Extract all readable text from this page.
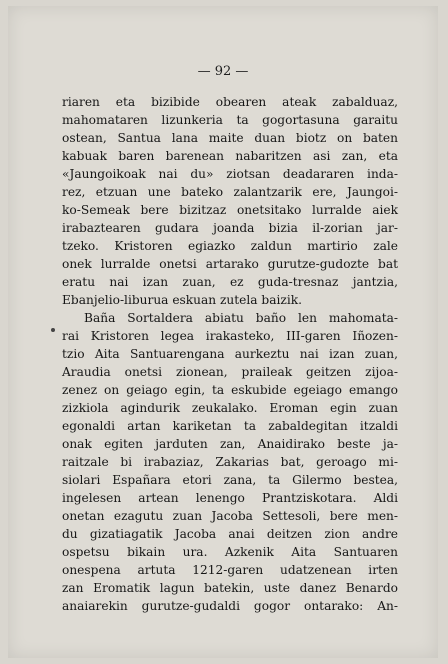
— 92 —
riaren eta bizibide obearen ateak zabalduaz,
mahomataren lizunkeria ta gogortasuna garaitu
ostean, Santua lana maite duan biotz on baten
kabuak baren barenean nabaritzen asi zan, eta
«Jaungoikoak nai du» ziotsan deadararen inda-
rez, etzuan une bateko zalantzarik ere, Jaungoi-
ko-Semeak bere bizitzaz onetsitako lurralde aiek
irabaztearen gudara joanda bizia il-zorian jar-
tzeko. Kristoren egiazko zaldun martirio zale
onek lurralde onetsi artarako gurutze-gudozte bat
eratu nai izan zuan, ez guda-tresnaz jantzia,
Ebanjelio-liburua eskuan zutela baizik.
Baña Sortaldera abiatu baño len mahomata-
rai Kristoren legea irakasteko, III-garen Iñozen-
tzio Aita Santuarengana aurkeztu nai izan zuan,
Araudia onetsi zionean, praileak geitzen zijoa-
zenez on geiago egin, ta eskubide egeiago emango
zizkiola agindurik zeukalako. Eroman egin zuan
egonaldi artan kariketan ta zabaldegitan itzaldi
onak egiten jarduten zan, Anaidirako beste ja-
raitzale bi irabaziaz, Zakarias bat, geroago mi-
siolari Españara etori zana, ta Gilermo bestea,
ingelesen artean lenengo Prantziskotara. Aldi
onetan ezagutu zuan Jacoba Settesoli, bere men-
du gizatiagatik Jacoba anai deitzen zion andre
ospetsu bikain ura. Azkenik Aita Santuaren
onespena artuta 1212-garen udatzenean irten
zan Eromatik lagun batekin, uste danez Benardo
anaiarekin gurutze-gudaldi gogor ontarako: An-
